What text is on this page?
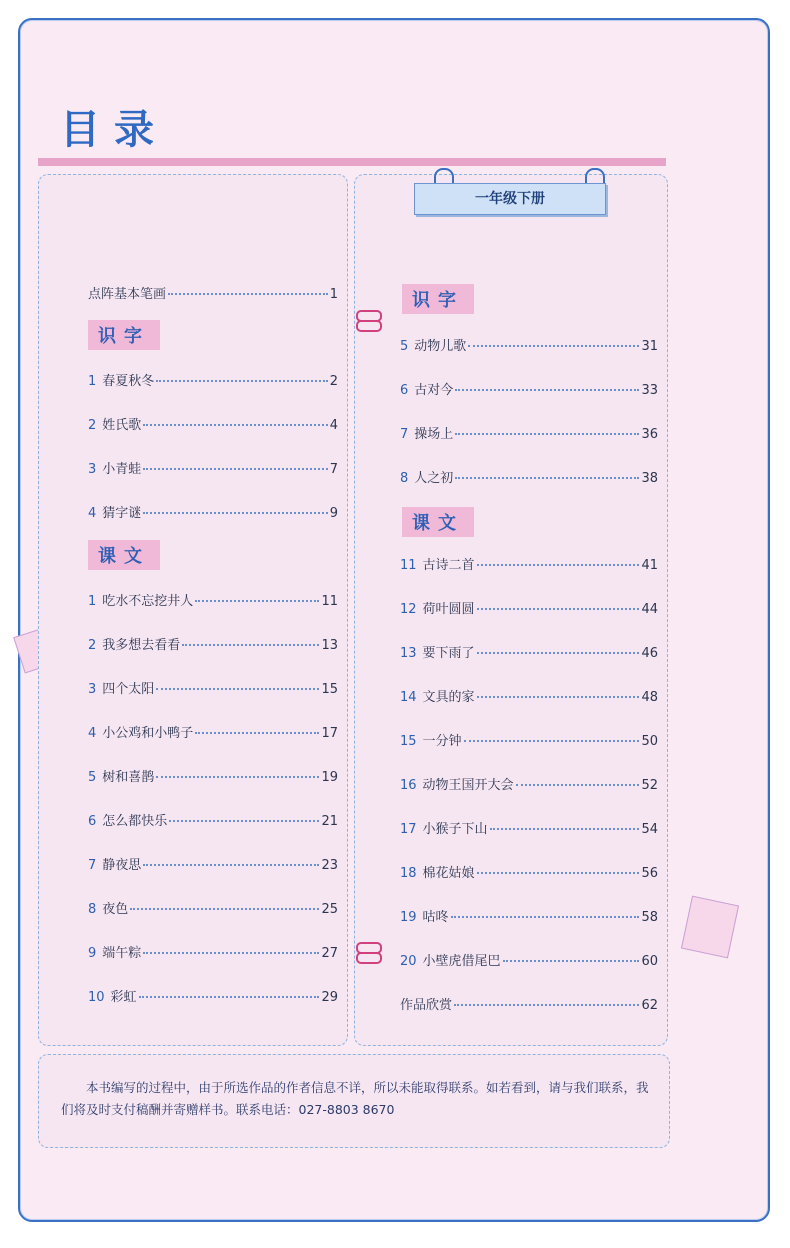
目录
一年级下册
点阵基本笔画	1
识字
1 春夏秋冬	2
2 姓氏歌	4
3 小青蛙	7
4 猜字谜	9
课文
1 吃水不忘挖井人	11
2 我多想去看看	13
3 四个太阳	15
4 小公鸡和小鸭子	17
5 树和喜鹊	19
6 怎么都快乐	21
7 静夜思	23
8 夜色	25
9 端午粽	27
10 彩虹	29
识字
5 动物儿歌	31
6 古对今	33
7 操场上	36
8 人之初	38
课文
11 古诗二首	41
12 荷叶圆圆	44
13 要下雨了	46
14 文具的家	48
15 一分钟	50
16 动物王国开大会	52
17 小猴子下山	54
18 棉花姑娘	56
19 咕咚	58
20 小壁虎借尾巴	60
作品欣赏	62
本书编写的过程中，由于所选作品的作者信息不详，所以未能取得联系。如若看到，请与我们联系，我们将及时支付稿酬并寄赠样书。联系电话：027-8803 8670
